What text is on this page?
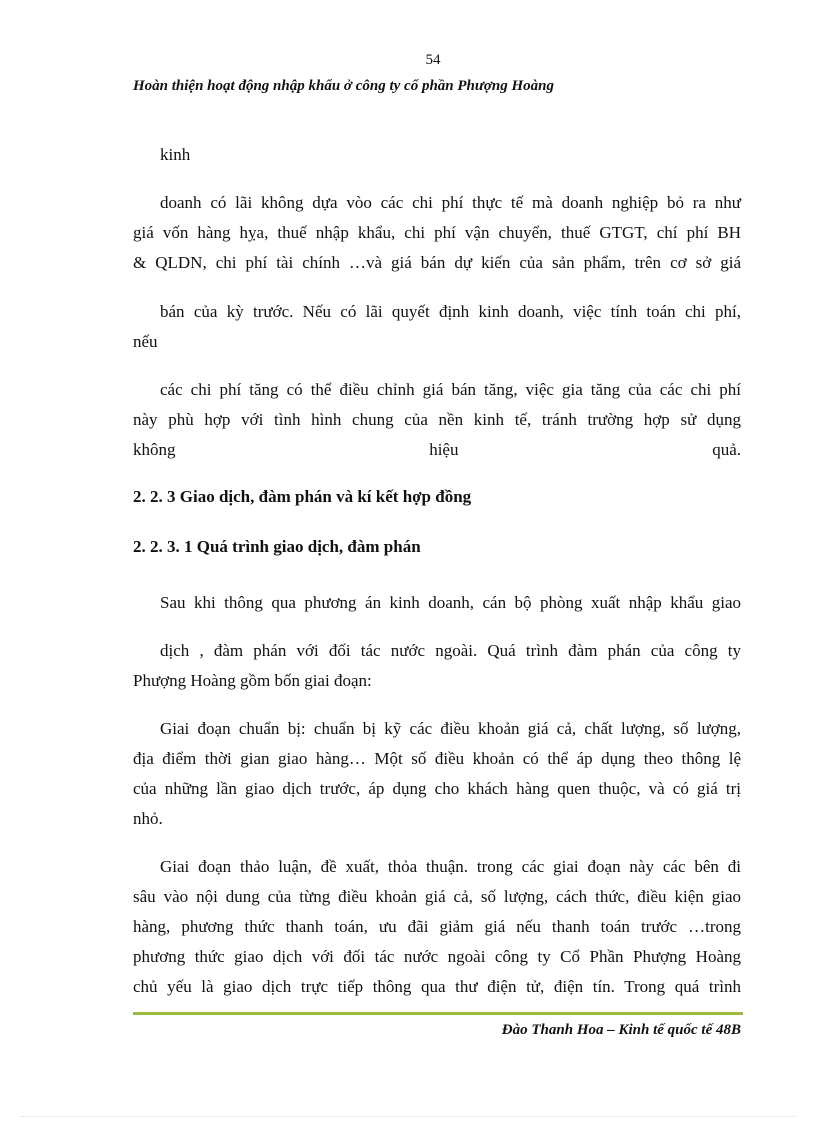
54
Hoàn thiện hoạt động nhập khẩu ở công ty cổ phần Phượng Hoàng
kinh
doanh có lãi không dựa vòo các chi phí thực tế mà doanh nghiệp bỏ ra như
giá vốn hàng hỵa, thuế nhập khẩu, chi phí vận chuyển, thuế GTGT, chí phí BH
& QLDN, chi phí tài chính …và giá bán dự kiến của sản phẩm, trên cơ sở giá
bán của kỳ trước. Nếu có lãi quyết định kinh doanh, việc tính toán chi phí,
nếu
các chi phí tăng có thể điều chỉnh giá bán tăng, việc gia tăng của các chi phí
này phù hợp với tình hình chung của nền kinh tế, tránh trường hợp sử dụng
không	hiệu	quả.
2. 2. 3 Giao dịch, đàm phán và kí kết hợp đồng
2. 2. 3. 1 Quá trình giao dịch, đàm phán
Sau khi thông qua phương án kinh doanh, cán bộ phòng xuất nhập khẩu giao
dịch , đàm phán với đối tác nước ngoài. Quá trình đàm phán của công ty
Phượng Hoàng gồm bốn giai đoạn:
Giai đoạn chuẩn bị: chuẩn bị kỹ các điều khoản giá cả, chất lượng, số lượng,
địa điểm thời gian giao hàng… Một số điều khoản có thể áp dụng theo thông lệ
của những lần giao dịch trước, áp dụng cho khách hàng quen thuộc, và có giá trị
nhỏ.
Giai đoạn thảo luận, đề xuất, thỏa thuận. trong các giai đoạn này các bên đi
sâu vào nội dung của từng điều khoản giá cả, số lượng, cách thức, điều kiện giao
hàng, phương thức thanh toán, ưu đãi giảm giá nếu thanh toán trước …trong
phương thức giao dịch với đối tác nước ngoài công ty Cổ Phần Phượng Hoàng
chủ yếu là giao dịch trực tiếp thông qua thư điện tử, điện tín. Trong quá trình
Đào Thanh Hoa – Kinh tế quốc tế 48B
